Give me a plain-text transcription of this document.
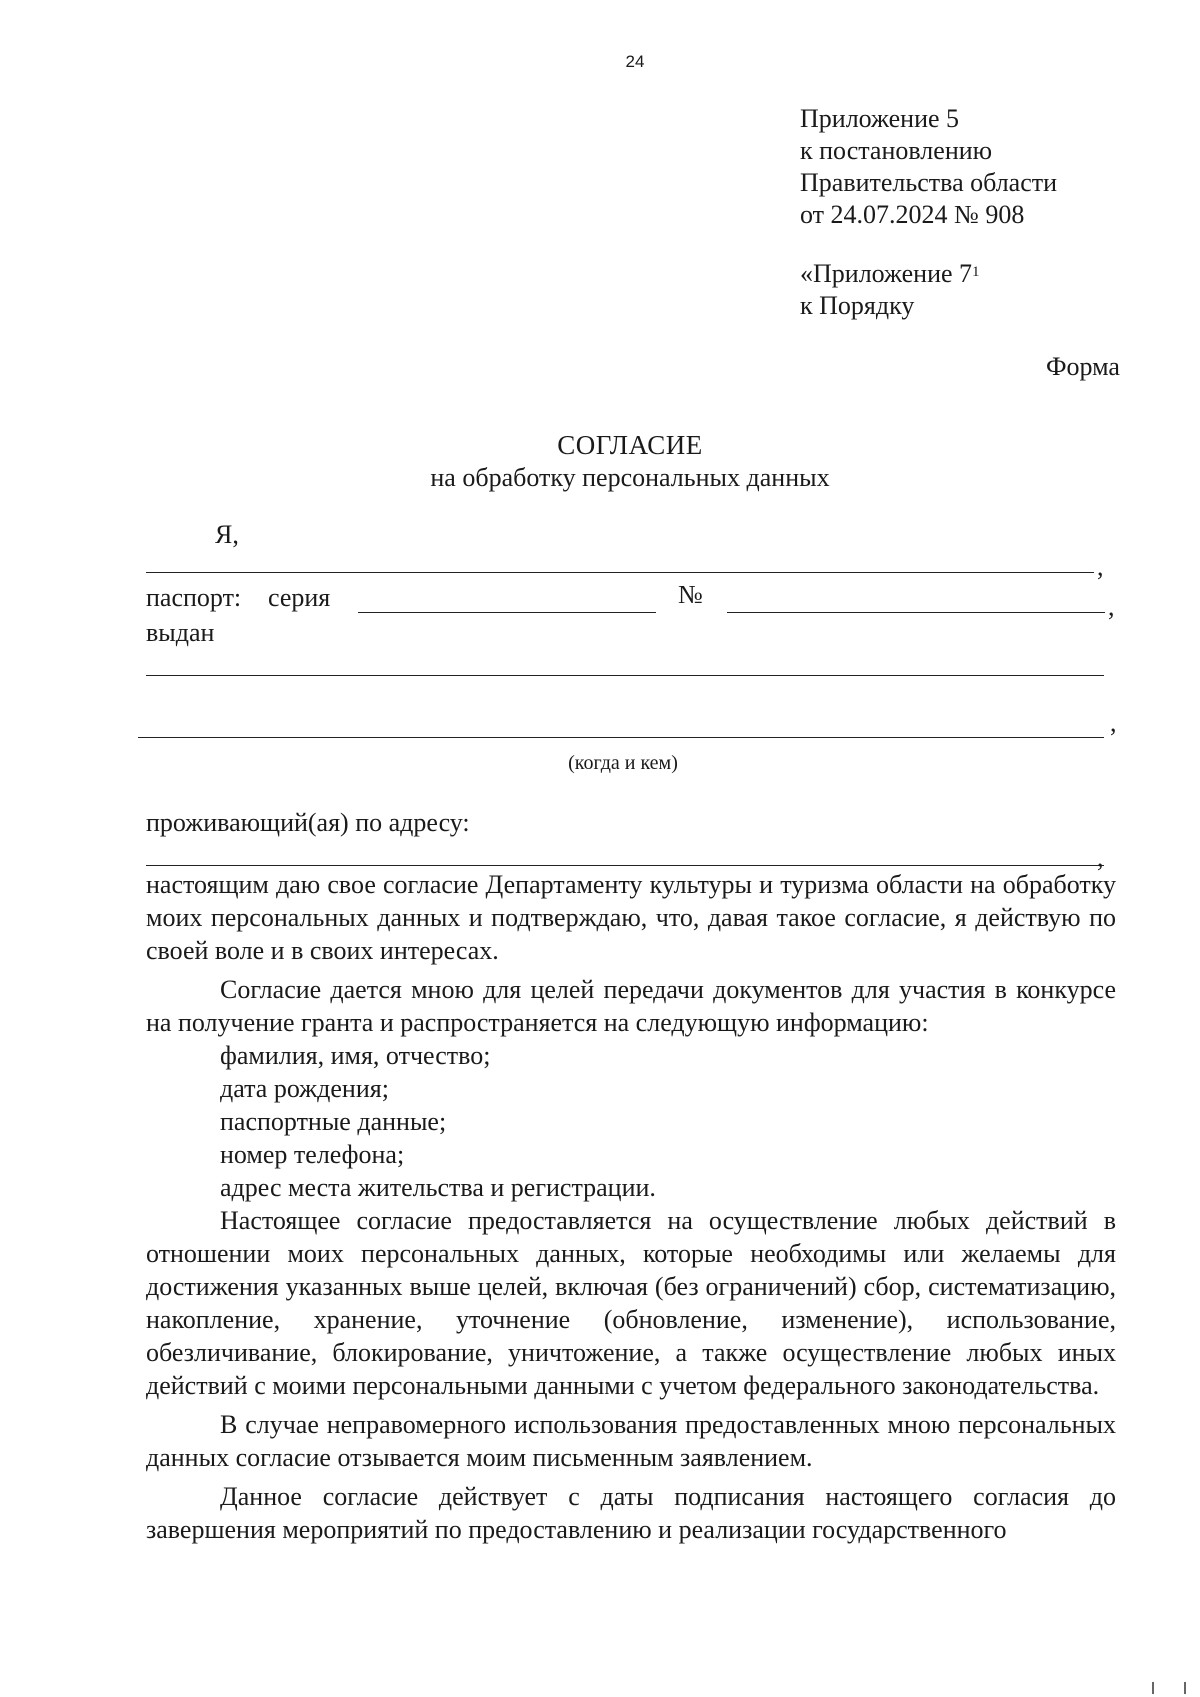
24
Приложение 5
к постановлению
Правительства области
от 24.07.2024 № 908
«Приложение $7^1$
к Порядку
Форма
СОГЛАСИЕ
на обработку персональных данных
Я,
,
паспорт: серия	№	,
выдан
,
(когда и кем)
проживающий(ая) по адресу:
,

настоящим даю свое согласие Департаменту культуры и туризма области на обработку моих персональных данных и подтверждаю, что, давая такое согласие, я действую по своей воле и в своих интересах.

Согласие дается мною для целей передачи документов для участия в конкурсе на получение гранта и распространяется на следующую информацию:

фамилия, имя, отчество;

дата рождения;

паспортные данные;

номер телефона;

адрес места жительства и регистрации.

Настоящее согласие предоставляется на осуществление любых действий в отношении моих персональных данных, которые необходимы или желаемы для достижения указанных выше целей, включая (без ограничений) сбор, систематизацию, накопление, хранение, уточнение (обновление, изменение), использование, обезличивание, блокирование, уничтожение, а также осуществление любых иных действий с моими персональными данными с учетом федерального законодательства.

В случае неправомерного использования предоставленных мною персональных данных согласие отзывается моим письменным заявлением.

Данное согласие действует с даты подписания настоящего согласия до завершения мероприятий по предоставлению и реализации государственного
